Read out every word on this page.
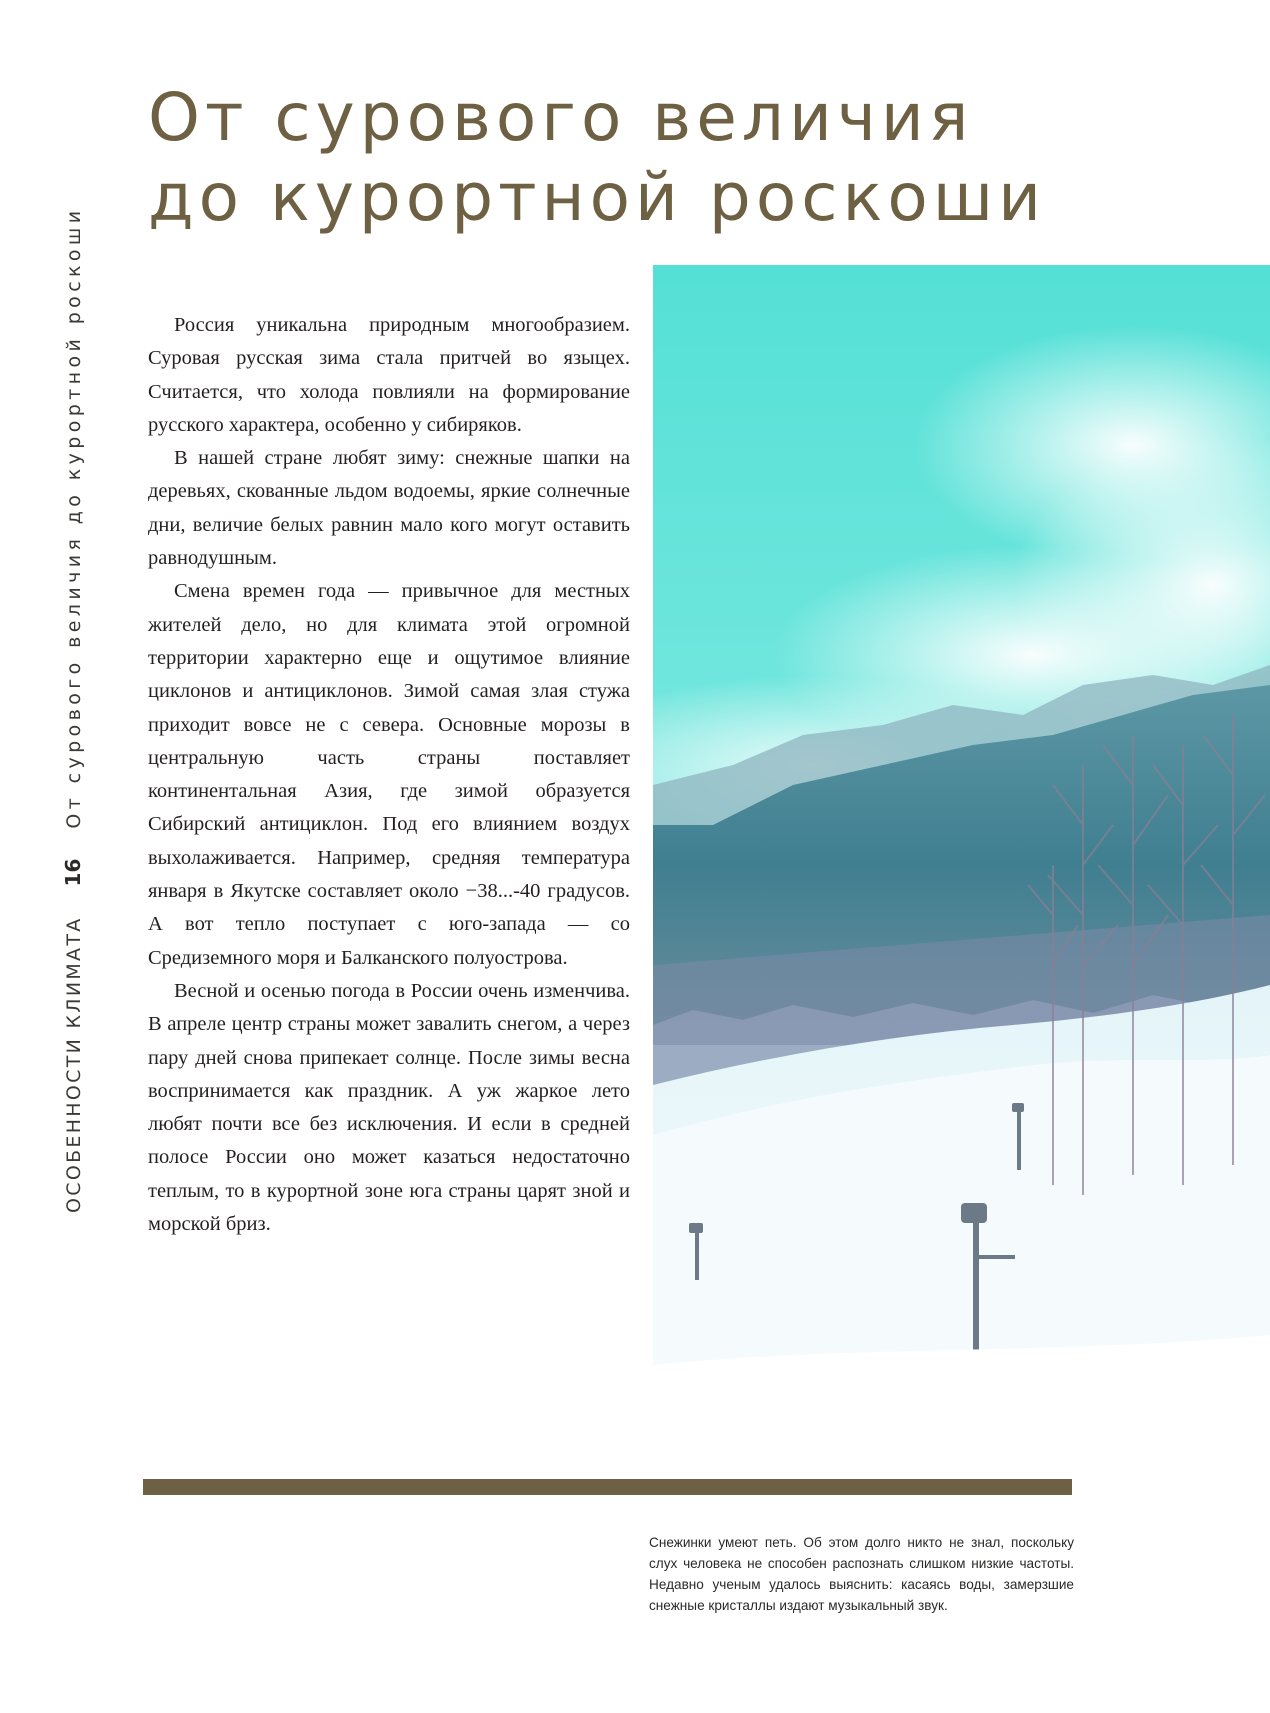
От сурового величия
до курортной роскоши
ОСОБЕННОСТИ КЛИМАТА16От сурового величия до курортной роскоши	Россия уникальна природным многообразием. Суровая русская зима стала притчей во языцех. Считается, что холода повлияли на формирование русского характера, особенно у сибиряков.

В нашей стране любят зиму: снежные шапки на деревьях, скованные льдом водоемы, яркие солнечные дни, величие белых равнин мало кого могут оставить равнодушным.

Смена времен года — привычное для местных жителей дело, но для климата этой огромной территории характерно еще и ощутимое влияние циклонов и антициклонов. Зимой самая злая стужа приходит вовсе не с севера. Основные морозы в центральную часть страны поставляет континентальная Азия, где зимой образуется Сибирский антициклон. Под его влиянием воздух выхолаживается. Например, средняя температура января в Якутске составляет около −38...-40 градусов. А вот тепло поступает с юго-запада — со Средиземного моря и Балканского полуострова.

Весной и осенью погода в России очень изменчива. В апреле центр страны может завалить снегом, а через пару дней снова припекает солнце. После зимы весна воспринимается как праздник. А уж жаркое лето любят почти все без исключения. И если в средней полосе России оно может казаться недостаточно теплым, то в курортной зоне юга страны царят зной и морской бриз.

Снежинки умеют петь. Об этом долго никто не знал, поскольку слух человека не способен распознать слишком низкие частоты. Недавно ученым удалось выяснить: касаясь воды, замерзшие снежные кристаллы издают музыкальный звук.
